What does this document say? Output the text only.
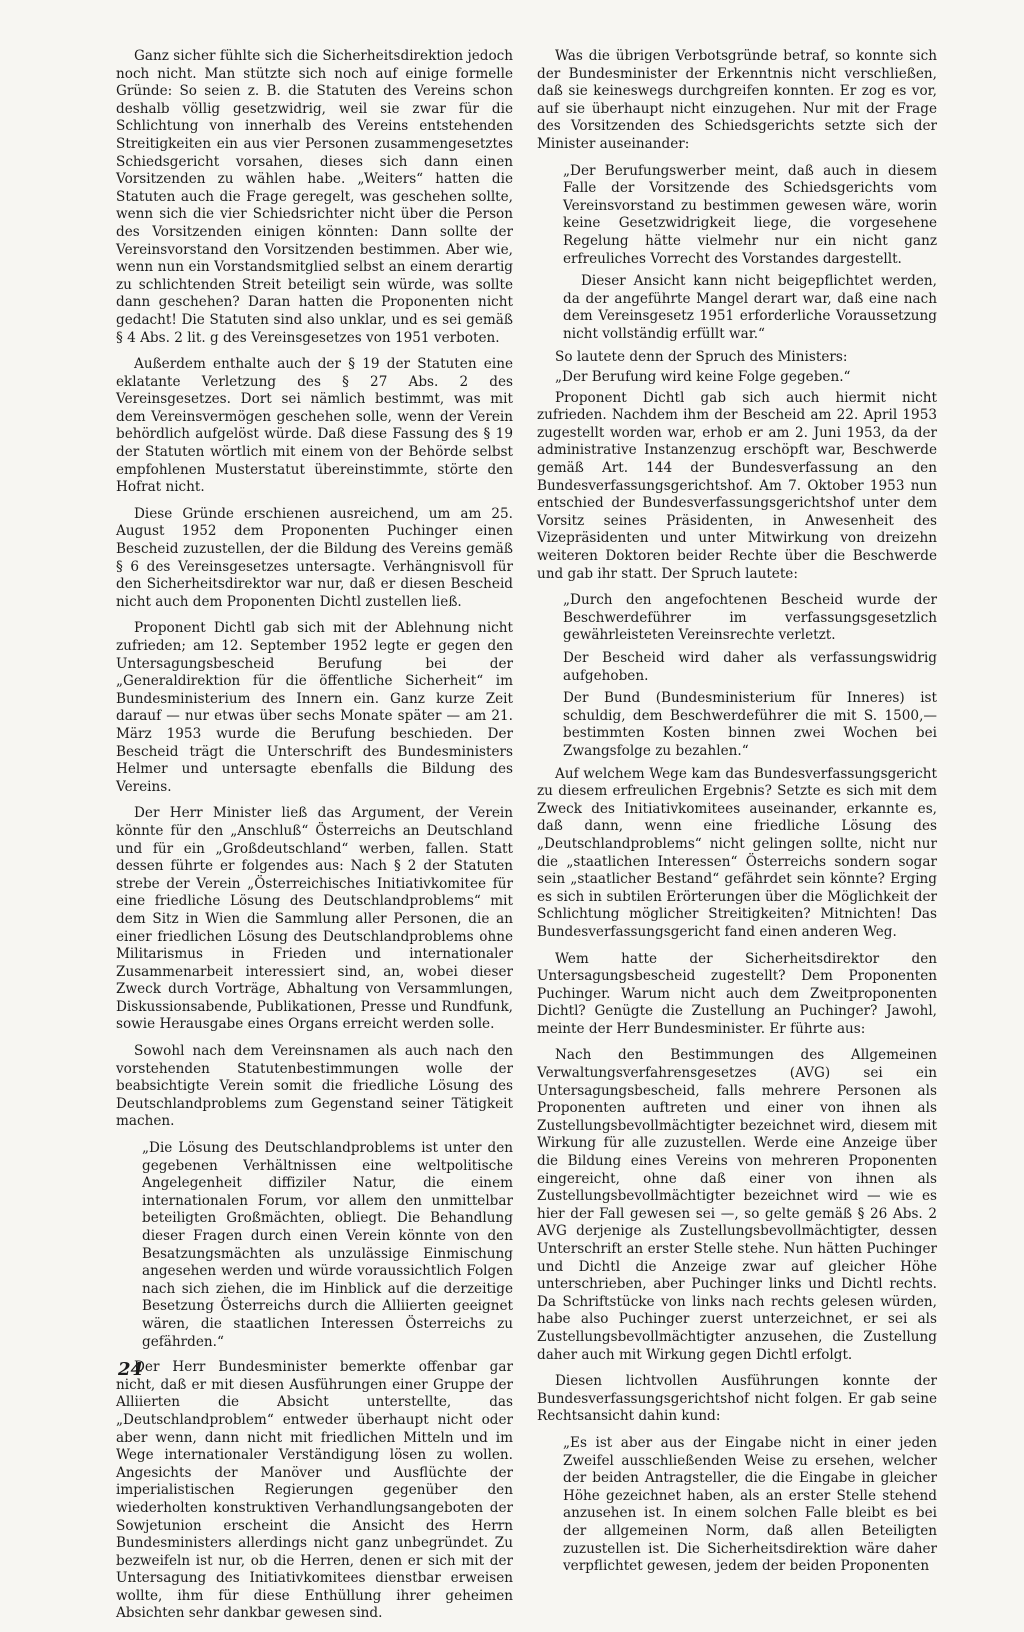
Ganz sicher fühlte sich die Sicherheitsdirektion jedoch noch nicht. Man stützte sich noch auf einige formelle Gründe: So seien z. B. die Statuten des Vereins schon deshalb völlig gesetzwidrig, weil sie zwar für die Schlichtung von innerhalb des Vereins entstehenden Streitigkeiten ein aus vier Personen zusammengesetztes Schiedsgericht vorsahen, dieses sich dann einen Vorsitzenden zu wählen habe. „Weiters“ hatten die Statuten auch die Frage geregelt, was geschehen sollte, wenn sich die vier Schiedsrichter nicht über die Person des Vorsitzenden einigen könnten: Dann sollte der Vereinsvorstand den Vorsitzenden bestimmen. Aber wie, wenn nun ein Vorstandsmitglied selbst an einem derartig zu schlichtenden Streit beteiligt sein würde, was sollte dann geschehen? Daran hatten die Proponenten nicht gedacht! Die Statuten sind also unklar, und es sei gemäß § 4 Abs. 2 lit. g des Vereinsgesetzes von 1951 verboten.

Außerdem enthalte auch der § 19 der Statuten eine eklatante Verletzung des § 27 Abs. 2 des Vereinsgesetzes. Dort sei nämlich bestimmt, was mit dem Vereinsvermögen geschehen solle, wenn der Verein behördlich aufgelöst würde. Daß diese Fassung des § 19 der Statuten wörtlich mit einem von der Behörde selbst empfohlenen Musterstatut übereinstimmte, störte den Hofrat nicht.

Diese Gründe erschienen ausreichend, um am 25. August 1952 dem Proponenten Puchinger einen Bescheid zuzustellen, der die Bildung des Vereins gemäß § 6 des Vereinsgesetzes untersagte. Verhängnisvoll für den Sicherheitsdirektor war nur, daß er diesen Bescheid nicht auch dem Proponenten Dichtl zustellen ließ.

Proponent Dichtl gab sich mit der Ablehnung nicht zufrieden; am 12. September 1952 legte er gegen den Untersagungsbescheid Berufung bei der „Generaldirektion für die öffentliche Sicherheit“ im Bundesministerium des Innern ein. Ganz kurze Zeit darauf — nur etwas über sechs Monate später — am 21. März 1953 wurde die Berufung beschieden. Der Bescheid trägt die Unterschrift des Bundesministers Helmer und untersagte ebenfalls die Bildung des Vereins.

Der Herr Minister ließ das Argument, der Verein könnte für den „Anschluß“ Österreichs an Deutschland und für ein „Großdeutschland“ werben, fallen. Statt dessen führte er folgendes aus: Nach § 2 der Statuten strebe der Verein „Österreichisches Initiativkomitee für eine friedliche Lösung des Deutschlandproblems“ mit dem Sitz in Wien die Sammlung aller Personen, die an einer friedlichen Lösung des Deutschlandproblems ohne Militarismus in Frieden und internationaler Zusammenarbeit interessiert sind, an, wobei dieser Zweck durch Vorträge, Abhaltung von Versammlungen, Diskussionsabende, Publikationen, Presse und Rundfunk, sowie Herausgabe eines Organs erreicht werden solle.

Sowohl nach dem Vereinsnamen als auch nach den vorstehenden Statutenbestimmungen wolle der beabsichtigte Verein somit die friedliche Lösung des Deutschlandproblems zum Gegenstand seiner Tätigkeit machen.

„Die Lösung des Deutschlandproblems ist unter den gegebenen Verhältnissen eine weltpolitische Angelegenheit diffiziler Natur, die einem internationalen Forum, vor allem den unmittelbar beteiligten Großmächten, obliegt. Die Behandlung dieser Fragen durch einen Verein könnte von den Besatzungsmächten als unzulässige Einmischung angesehen werden und würde voraussichtlich Folgen nach sich ziehen, die im Hinblick auf die derzeitige Besetzung Österreichs durch die Alliierten geeignet wären, die staatlichen Interessen Österreichs zu gefährden.“

Der Herr Bundesminister bemerkte offenbar gar nicht, daß er mit diesen Ausführungen einer Gruppe der Alliierten die Absicht unterstellte, das „Deutschlandproblem“ entweder überhaupt nicht oder aber wenn, dann nicht mit friedlichen Mitteln und im Wege internationaler Verständigung lösen zu wollen. Angesichts der Manöver und Ausflüchte der imperialistischen Regierungen gegenüber den wiederholten konstruktiven Verhandlungsangeboten der Sowjetunion erscheint die Ansicht des Herrn Bundesministers allerdings nicht ganz unbegründet. Zu bezweifeln ist nur, ob die Herren, denen er sich mit der Untersagung des Initiativkomitees dienstbar erweisen wollte, ihm für diese Enthüllung ihrer geheimen Absichten sehr dankbar gewesen sind.

Was die übrigen Verbotsgründe betraf, so konnte sich der Bundesminister der Erkenntnis nicht verschließen, daß sie keineswegs durchgreifen konnten. Er zog es vor, auf sie überhaupt nicht einzugehen. Nur mit der Frage des Vorsitzenden des Schiedsgerichts setzte sich der Minister auseinander:

„Der Berufungswerber meint, daß auch in diesem Falle der Vorsitzende des Schiedsgerichts vom Vereinsvorstand zu bestimmen gewesen wäre, worin keine Gesetzwidrigkeit liege, die vorgesehene Regelung hätte vielmehr nur ein nicht ganz erfreuliches Vorrecht des Vorstandes dargestellt.

Dieser Ansicht kann nicht beigepflichtet werden, da der angeführte Mangel derart war, daß eine nach dem Vereinsgesetz 1951 erforderliche Voraussetzung nicht vollständig erfüllt war.“

So lautete denn der Spruch des Ministers:

„Der Berufung wird keine Folge gegeben.“

Proponent Dichtl gab sich auch hiermit nicht zufrieden. Nachdem ihm der Bescheid am 22. April 1953 zugestellt worden war, erhob er am 2. Juni 1953, da der administrative Instanzenzug erschöpft war, Beschwerde gemäß Art. 144 der Bundesverfassung an den Bundesverfassungsgerichtshof. Am 7. Oktober 1953 nun entschied der Bundesverfassungsgerichtshof unter dem Vorsitz seines Präsidenten, in Anwesenheit des Vizepräsidenten und unter Mitwirkung von dreizehn weiteren Doktoren beider Rechte über die Beschwerde und gab ihr statt. Der Spruch lautete:

„Durch den angefochtenen Bescheid wurde der Beschwerdeführer im verfassungsgesetzlich gewährleisteten Vereinsrechte verletzt.

Der Bescheid wird daher als verfassungswidrig aufgehoben.

Der Bund (Bundesministerium für Inneres) ist schuldig, dem Beschwerdeführer die mit S. 1500,— bestimmten Kosten binnen zwei Wochen bei Zwangsfolge zu bezahlen.“

Auf welchem Wege kam das Bundesverfassungsgericht zu diesem erfreulichen Ergebnis? Setzte es sich mit dem Zweck des Initiativkomitees auseinander, erkannte es, daß dann, wenn eine friedliche Lösung des „Deutschlandproblems“ nicht gelingen sollte, nicht nur die „staatlichen Interessen“ Österreichs sondern sogar sein „staatlicher Bestand“ gefährdet sein könnte? Erging es sich in subtilen Erörterungen über die Möglichkeit der Schlichtung möglicher Streitigkeiten? Mitnichten! Das Bundesverfassungsgericht fand einen anderen Weg.

Wem hatte der Sicherheitsdirektor den Untersagungsbescheid zugestellt? Dem Proponenten Puchinger. Warum nicht auch dem Zweitproponenten Dichtl? Genügte die Zustellung an Puchinger? Jawohl, meinte der Herr Bundesminister. Er führte aus:

Nach den Bestimmungen des Allgemeinen Verwaltungsverfahrensgesetzes (AVG) sei ein Untersagungsbescheid, falls mehrere Personen als Proponenten auftreten und einer von ihnen als Zustellungsbevollmächtigter bezeichnet wird, diesem mit Wirkung für alle zuzustellen. Werde eine Anzeige über die Bildung eines Vereins von mehreren Proponenten eingereicht, ohne daß einer von ihnen als Zustellungsbevollmächtigter bezeichnet wird — wie es hier der Fall gewesen sei —, so gelte gemäß § 26 Abs. 2 AVG derjenige als Zustellungsbevollmächtigter, dessen Unterschrift an erster Stelle stehe. Nun hätten Puchinger und Dichtl die Anzeige zwar auf gleicher Höhe unterschrieben, aber Puchinger links und Dichtl rechts. Da Schriftstücke von links nach rechts gelesen würden, habe also Puchinger zuerst unterzeichnet, er sei als Zustellungsbevollmächtigter anzusehen, die Zustellung daher auch mit Wirkung gegen Dichtl erfolgt.

Diesen lichtvollen Ausführungen konnte der Bundesverfassungsgerichtshof nicht folgen. Er gab seine Rechtsansicht dahin kund:

„Es ist aber aus der Eingabe nicht in einer jeden Zweifel ausschließenden Weise zu ersehen, welcher der beiden Antragsteller, die die Eingabe in gleicher Höhe gezeichnet haben, als an erster Stelle stehend anzusehen ist. In einem solchen Falle bleibt es bei der allgemeinen Norm, daß allen Beteiligten zuzustellen ist. Die Sicherheitsdirektion wäre daher verpflichtet gewesen, jedem der beiden Proponenten

24
